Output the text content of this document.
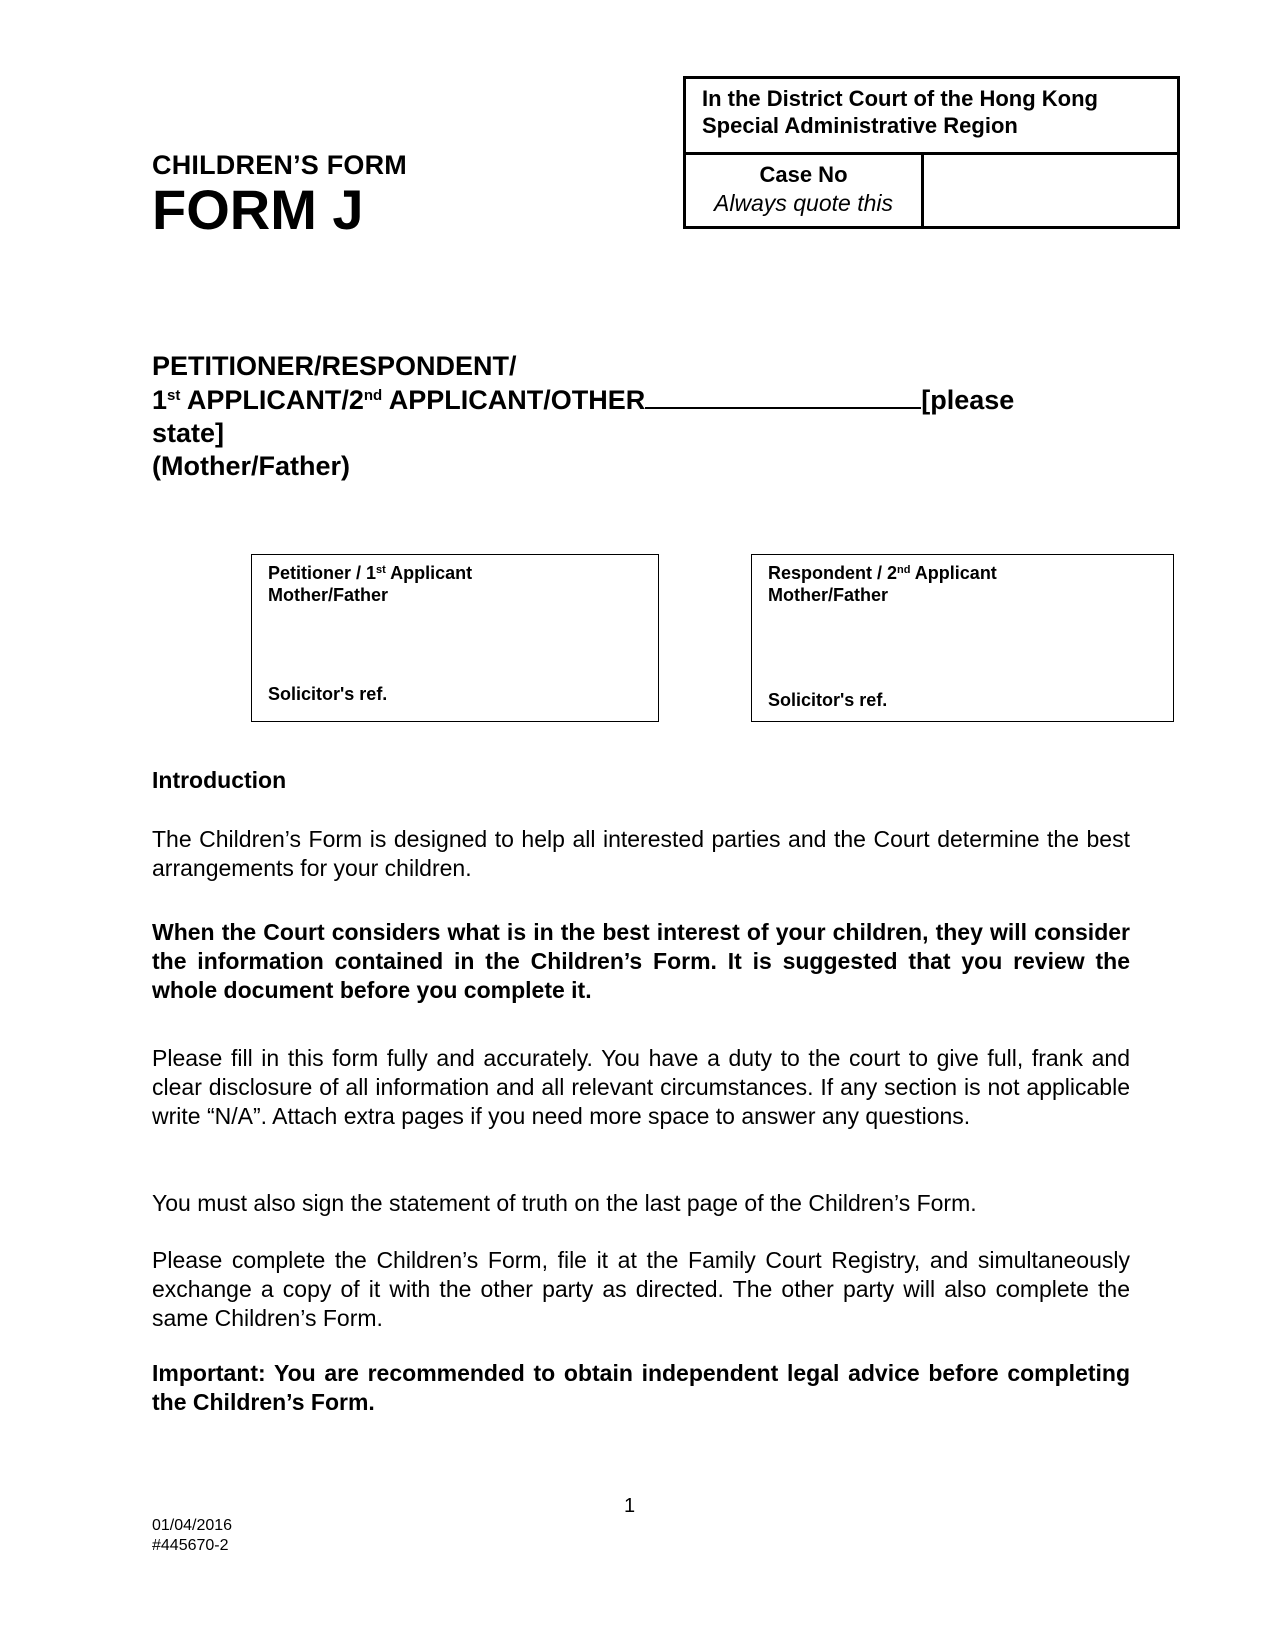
CHILDREN’S FORM
FORM J
In the District Court of the Hong Kong
Special Administrative Region
Case No
Always quote this
PETITIONER/RESPONDENT/
1st APPLICANT/2nd APPLICANT/OTHER	[please
state]
(Mother/Father)
Petitioner / 1st Applicant
Mother/Father
Solicitor's ref.
Respondent / 2nd Applicant
Mother/Father
Solicitor's ref.
Introduction
The Children’s Form is designed to help all interested parties and the Court determine the best arrangements for your children.
When the Court considers what is in the best interest of your children, they will consider the information contained in the Children’s Form. It is suggested that you review the whole document before you complete it.
Please fill in this form fully and accurately. You have a duty to the court to give full, frank and clear disclosure of all information and all relevant circumstances. If any section is not applicable write “N/A”. Attach extra pages if you need more space to answer any questions.
You must also sign the statement of truth on the last page of the Children’s Form.
Please complete the Children’s Form, file it at the Family Court Registry, and simultaneously exchange a copy of it with the other party as directed. The other party will also complete the same Children’s Form.
Important: You are recommended to obtain independent legal advice before completing the Children’s Form.
1
01/04/2016
#445670-2
